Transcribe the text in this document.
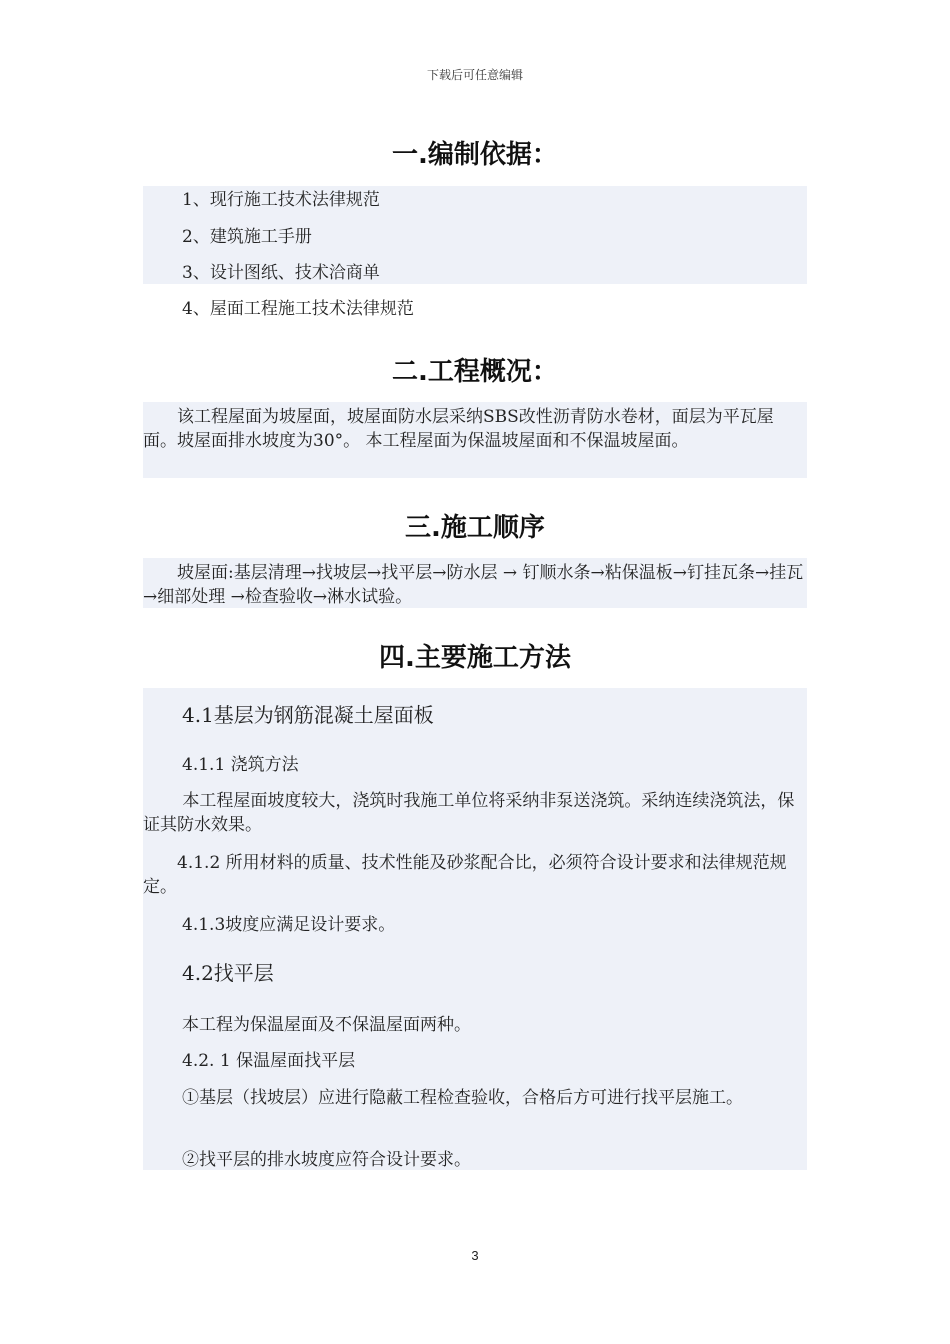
下载后可任意编辑
一.编制依据：
1、现行施工技术法律规范
2、建筑施工手册
3、设计图纸、技术洽商单
4、屋面工程施工技术法律规范
二.工程概况：
　　该工程屋面为坡屋面，坡屋面防水层采纳SBS改性沥青防水卷材，面层为平瓦屋面。坡屋面排水坡度为30°。 本工程屋面为保温坡屋面和不保温坡屋面。
三.施工顺序
　　坡屋面:基层清理→找坡层→找平层→防水层 → 钉顺水条→粘保温板→钉挂瓦条→挂瓦→细部处理 →检查验收→淋水试验。
四.主要施工方法
4.1基层为钢筋混凝土屋面板
4.1.1 浇筑方法
　　 本工程屋面坡度较大，浇筑时我施工单位将采纳非泵送浇筑。采纳连续浇筑法，保证其防水效果。
　　4.1.2 所用材料的质量、技术性能及砂浆配合比，必须符合设计要求和法律规范规定。
4.1.3坡度应满足设计要求。
4.2找平层
本工程为保温屋面及不保温屋面两种。
4.2. 1 保温屋面找平层
①基层（找坡层）应进行隐蔽工程检查验收，合格后方可进行找平层施工。
②找平层的排水坡度应符合设计要求。
3
